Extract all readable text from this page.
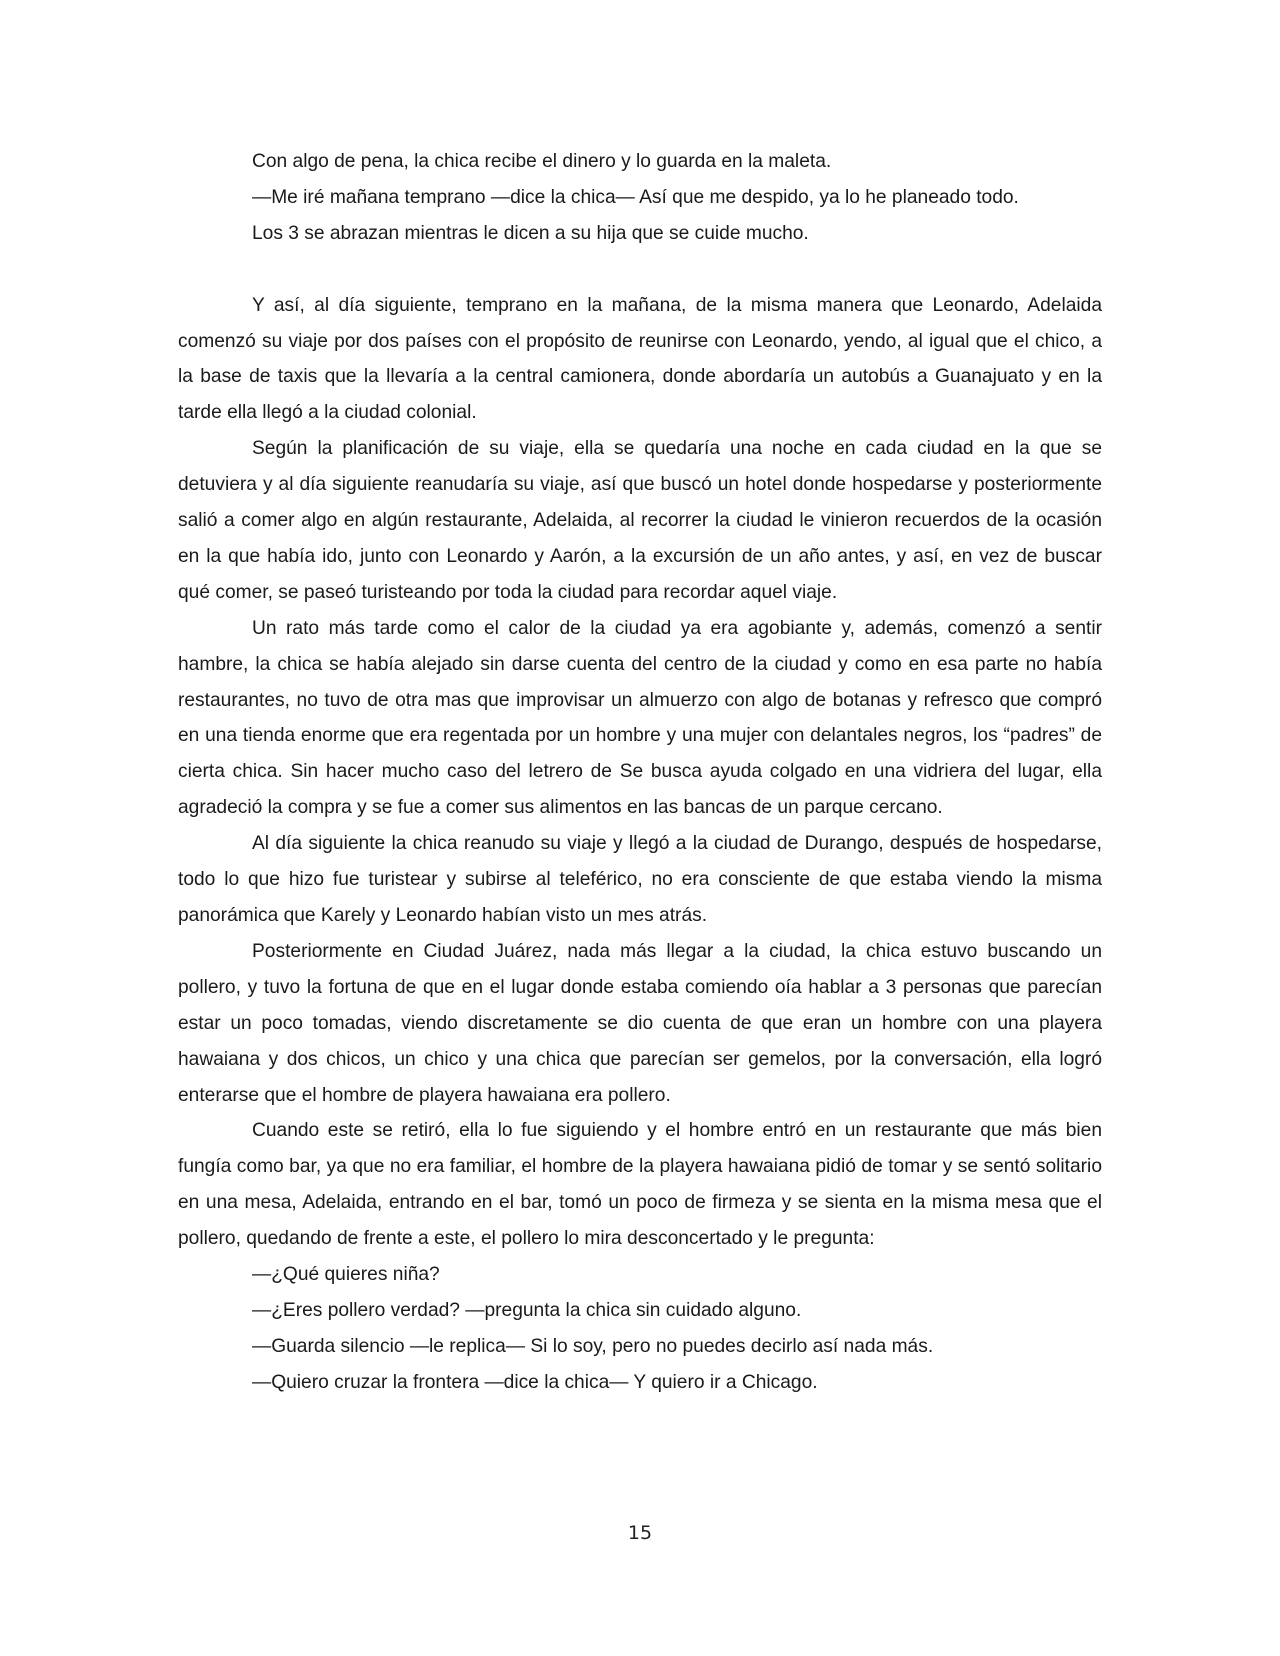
Con algo de pena, la chica recibe el dinero y lo guarda en la maleta.

—Me iré mañana temprano —dice la chica— Así que me despido, ya lo he planeado todo.

Los 3 se abrazan mientras le dicen a su hija que se cuide mucho.

Y así, al día siguiente, temprano en la mañana, de la misma manera que Leonardo, Adelaida comenzó su viaje por dos países con el propósito de reunirse con Leonardo, yendo, al igual que el chico, a la base de taxis que la llevaría a la central camionera, donde abordaría un autobús a Guanajuato y en la tarde ella llegó a la ciudad colonial.

Según la planificación de su viaje, ella se quedaría una noche en cada ciudad en la que se detuviera y al día siguiente reanudaría su viaje, así que buscó un hotel donde hospedarse y posteriormente salió a comer algo en algún restaurante, Adelaida, al recorrer la ciudad le vinieron recuerdos de la ocasión en la que había ido, junto con Leonardo y Aarón, a la excursión de un año antes, y así, en vez de buscar qué comer, se paseó turisteando por toda la ciudad para recordar aquel viaje.

Un rato más tarde como el calor de la ciudad ya era agobiante y, además, comenzó a sentir hambre, la chica se había alejado sin darse cuenta del centro de la ciudad y como en esa parte no había restaurantes, no tuvo de otra mas que improvisar un almuerzo con algo de botanas y refresco que compró en una tienda enorme que era regentada por un hombre y una mujer con delantales negros, los “padres” de cierta chica. Sin hacer mucho caso del letrero de Se busca ayuda colgado en una vidriera del lugar, ella agradeció la compra y se fue a comer sus alimentos en las bancas de un parque cercano.

Al día siguiente la chica reanudo su viaje y llegó a la ciudad de Durango, después de hospedarse, todo lo que hizo fue turistear y subirse al teleférico, no era consciente de que estaba viendo la misma panorámica que Karely y Leonardo habían visto un mes atrás.

Posteriormente en Ciudad Juárez, nada más llegar a la ciudad, la chica estuvo buscando un pollero, y tuvo la fortuna de que en el lugar donde estaba comiendo oía hablar a 3 personas que parecían estar un poco tomadas, viendo discretamente se dio cuenta de que eran un hombre con una playera hawaiana y dos chicos, un chico y una chica que parecían ser gemelos, por la conversación, ella logró enterarse que el hombre de playera hawaiana era pollero.

Cuando este se retiró, ella lo fue siguiendo y el hombre entró en un restaurante que más bien fungía como bar, ya que no era familiar, el hombre de la playera hawaiana pidió de tomar y se sentó solitario en una mesa, Adelaida, entrando en el bar, tomó un poco de firmeza y se sienta en la misma mesa que el pollero, quedando de frente a este, el pollero lo mira desconcertado y le pregunta:

—¿Qué quieres niña?

—¿Eres pollero verdad? —pregunta la chica sin cuidado alguno.

—Guarda silencio —le replica— Si lo soy, pero no puedes decirlo así nada más.

—Quiero cruzar la frontera —dice la chica— Y quiero ir a Chicago.

15
